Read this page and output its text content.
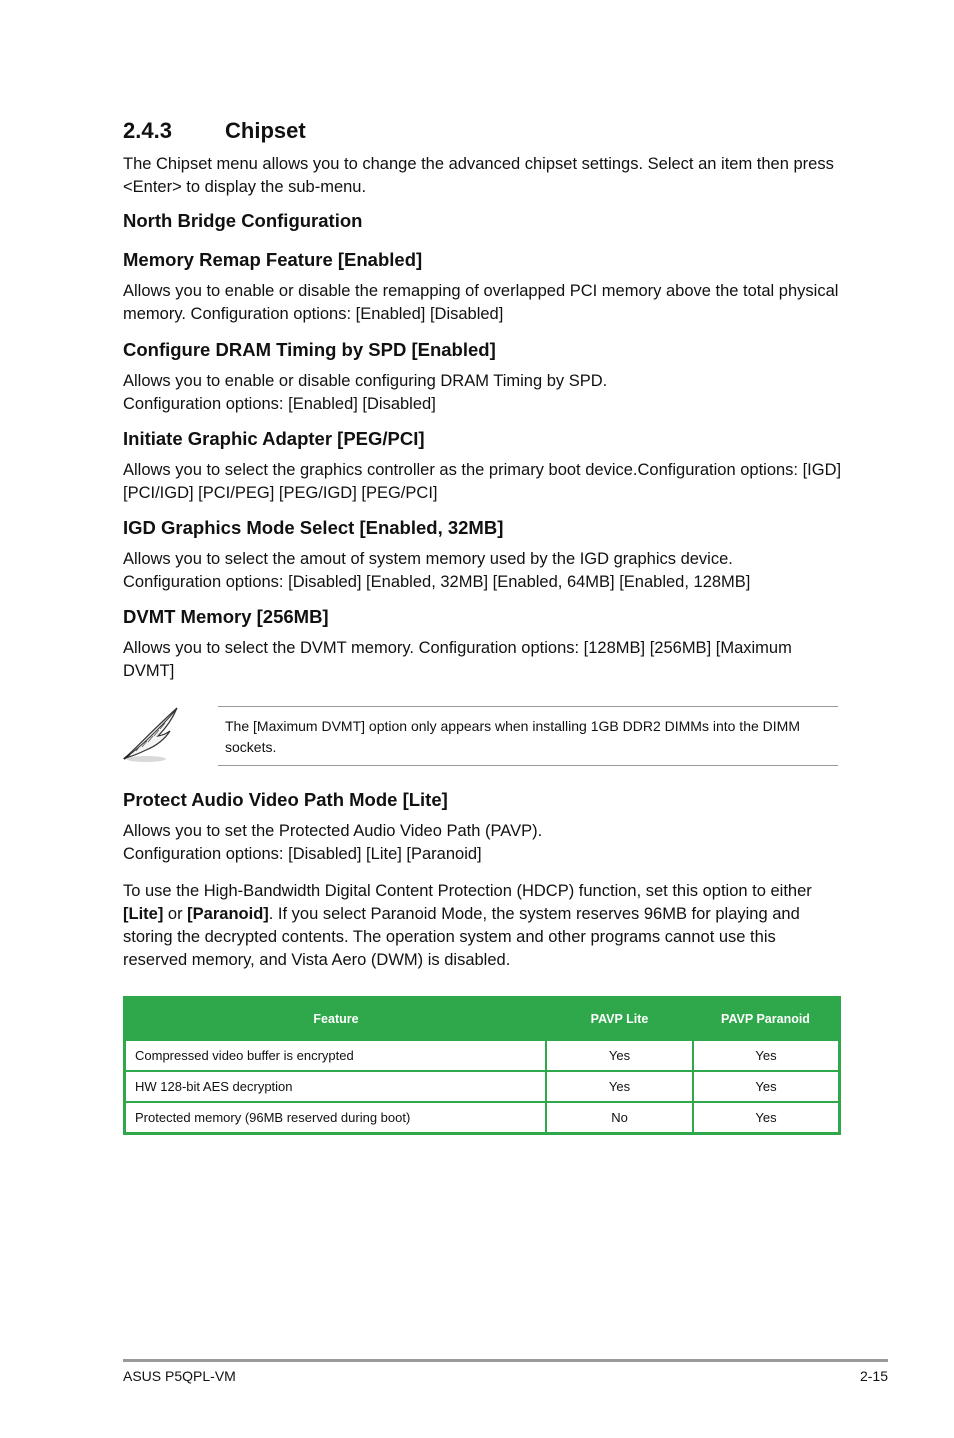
2.4.3 Chipset
The Chipset menu allows you to change the advanced chipset settings. Select an item then press <Enter> to display the sub-menu.
North Bridge Configuration
Memory Remap Feature [Enabled]
Allows you to enable or disable the remapping of overlapped PCI memory above the total physical memory. Configuration options: [Enabled] [Disabled]
Configure DRAM Timing by SPD [Enabled]
Allows you to enable or disable configuring DRAM Timing by SPD.
Configuration options: [Enabled] [Disabled]
Initiate Graphic Adapter [PEG/PCI]
Allows you to select the graphics controller as the primary boot device.Configuration options: [IGD] [PCI/IGD] [PCI/PEG] [PEG/IGD] [PEG/PCI]
IGD Graphics Mode Select [Enabled, 32MB]
Allows you to select the amout of system memory used by the IGD graphics device.
Configuration options: [Disabled] [Enabled, 32MB] [Enabled, 64MB] [Enabled, 128MB]
DVMT Memory [256MB]
Allows you to select the DVMT memory. Configuration options: [128MB] [256MB] [Maximum DVMT]
The [Maximum DVMT] option only appears when installing 1GB DDR2 DIMMs into the DIMM sockets.
Protect Audio Video Path Mode [Lite]
Allows you to set the Protected Audio Video Path (PAVP).
Configuration options: [Disabled] [Lite] [Paranoid]
To use the High-Bandwidth Digital Content Protection (HDCP) function, set this option to either [Lite] or [Paranoid]. If you select Paranoid Mode, the system reserves 96MB for playing and storing the decrypted contents. The operation system and other programs cannot use this reserved memory, and Vista Aero (DWM) is disabled.
Feature	PAVP Lite	PAVP Paranoid
Compressed video buffer is encrypted	Yes	Yes
HW 128-bit AES decryption	Yes	Yes
Protected memory (96MB reserved during boot)	No	Yes
ASUS P5QPL-VM	2-15
